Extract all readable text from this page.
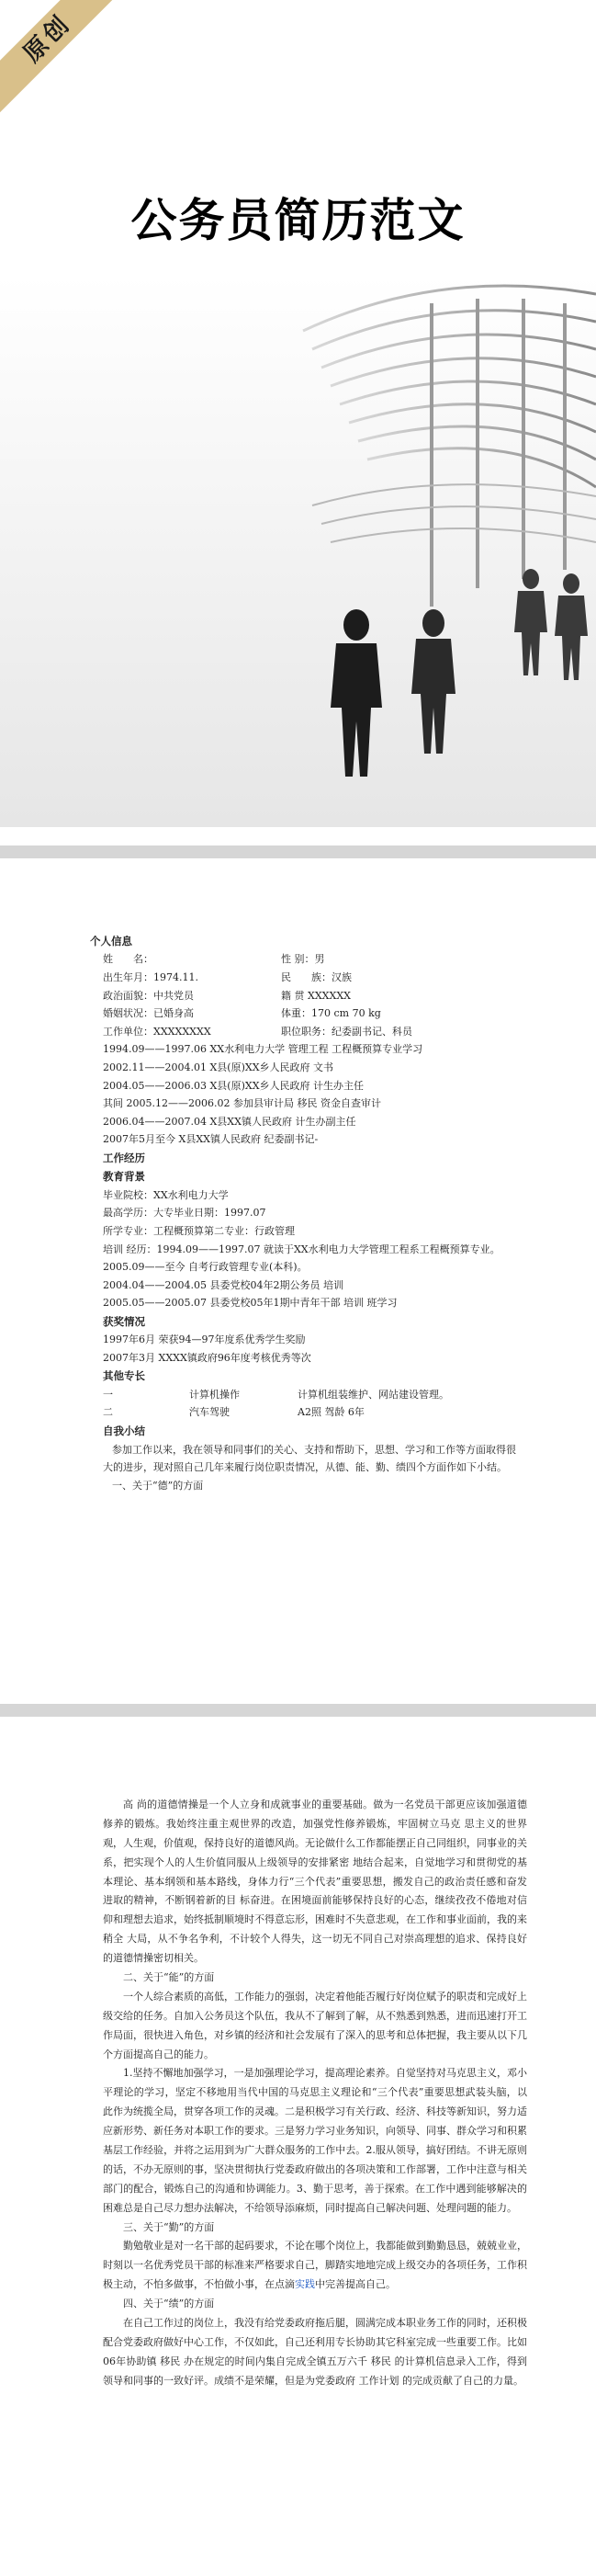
原创
公务员简历范文

个人信息

姓　　名：	性 别：男
出生年月：1974.11.	民　　族：汉族
政治面貌：中共党员	籍 贯 XXXXXX
婚姻状况：已婚身高	体重：170 cm 70 kg
工作单位：XXXXXXXX	职位职务：纪委副书记、科员

1994.09——1997.06 XX水利电力大学 管理工程 工程概预算专业学习

2002.11——2004.01 X县(原)XX乡人民政府 文书

2004.05——2006.03 X县(原)XX乡人民政府 计生办主任

其间 2005.12——2006.02 参加县审计局 移民 资金自查审计

2006.04——2007.04 X县XX镇人民政府 计生办副主任

2007年5月至今 X县XX镇人民政府 纪委副书记-

工作经历

教育背景

毕业院校：XX水利电力大学

最高学历：大专毕业日期：1997.07

所学专业：工程概预算第二专业：行政管理

培训 经历：1994.09——1997.07 就读于XX水利电力大学管理工程系工程概预算专业。

2005.09——至今 自考行政管理专业(本科)。

2004.04——2004.05 县委党校04年2期公务员 培训

2005.05——2005.07 县委党校05年1期中青年干部 培训 班学习

获奖情况

1997年6月 荣获94—97年度系优秀学生奖励

2007年3月 XXXX镇政府96年度考核优秀等次

其他专长

一	计算机操作	计算机组装维护、网站建设管理。
二	汽车驾驶	A2照 驾龄 6年

自我小结

参加工作以来，我在领导和同事们的关心、支持和帮助下，思想、学习和工作等方面取得很大的进步，现对照自己几年来履行岗位职责情况，从德、能、勤、绩四个方面作如下小结。

一、关于“德”的方面

高 尚的道德情操是一个人立身和成就事业的重要基础。做为一名党员干部更应该加强道德修养的锻炼。我始终注重主观世界的改造，加强党性修养锻炼，牢固树立马克 思主义的世界观，人生观，价值观，保持良好的道德风尚。无论做什么工作都能摆正自己同组织，同事业的关系，把实现个人的人生价值同服从上级领导的安排紧密 地结合起来，自觉地学习和贯彻党的基本理论、基本纲领和基本路线，身体力行“三个代表”重要思想，搬发自己的政治责任感和奋发进取的精神，不断钢着新的目 标奋进。在困境面前能够保持良好的心态，继续孜孜不倦地对信仰和理想去追求，始终抵制顺境时不得意忘形，困难时不失意悲观，在工作和事业面前，我的来稍全 大局，从不争名争利，不计较个人得失，这一切无不同自己对崇高理想的追求、保持良好的道德情操密切相关。

二、关于“能”的方面

一个人综合素质的高低，工作能力的强弱，决定着他能否履行好岗位赋予的职责和完成好上级交给的任务。自加入公务员这个队伍，我从不了解到了解，从不熟悉到熟悉，进而迅速打开工作局面，很快进入角色，对乡镇的经济和社会发展有了深入的思考和总体把握，我主要从以下几个方面提高自己的能力。

1.坚持不懈地加强学习，一是加强理论学习，提高理论素养。自觉坚持对马克思主义，邓小平理论的学习，坚定不移地用当代中国的马克思主义理论和“三个代表”重要思想武装头脑，以此作为统揽全局，贯穿各项工作的灵魂。二是积极学习有关行政、经济、科技等新知识，努力适应新形势、新任务对本职工作的要求。三是努力学习业务知识，向领导、同事、群众学习和积累基层工作经验，并将之运用到为广大群众服务的工作中去。2.服从领导，搞好团结。不讲无原则的话，不办无原则的事，坚决贯彻执行党委政府做出的各项决策和工作部署，工作中注意与相关部门的配合，锻炼自己的沟通和协调能力。3、勤于思考，善于探索。在工作中遇到能够解决的困难总是自己尽力想办法解决，不给领导添麻烦，同时提高自己解决问题、处理问题的能力。

三、关于“勤”的方面

勤勉敬业是对一名干部的起码要求，不论在哪个岗位上，我都能做到勤勤恳恳，兢兢业业，时刻以一名优秀党员干部的标准来严格要求自己，脚踏实地地完成上级交办的各项任务，工作积极主动，不怕多做事，不怕做小事，在点滴实践中完善提高自己。

四、关于“绩”的方面

在自己工作过的岗位上，我没有给党委政府拖后腿，圆满完成本职业务工作的同时，还积极配合党委政府做好中心工作，不仅如此，自己还利用专长协助其它科室完成一些重要工作。比如06年协助镇 移民 办在规定的时间内集自完成全镇五万六千 移民 的计算机信息录入工作，得到领导和同事的一致好评。成绩不是荣耀，但是为党委政府 工作计划 的完成贡献了自己的力量。
